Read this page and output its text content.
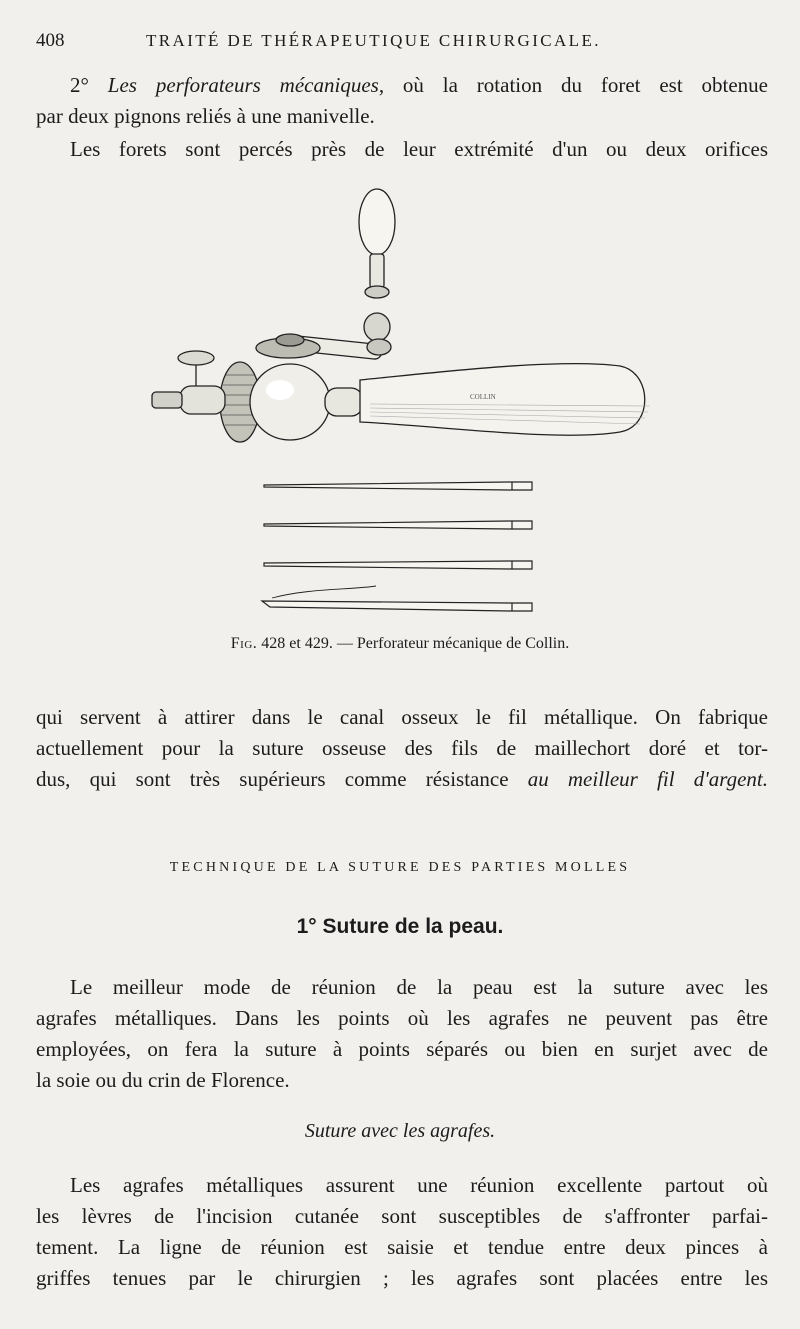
408	TRAITÉ DE THÉRAPEUTIQUE CHIRURGICALE.
2° Les perforateurs mécaniques, où la rotation du foret est obtenue
par deux pignons reliés à une manivelle.
Les forets sont percés près de leur extrémité d'un ou deux orifices
COLLIN
Fig. 428 et 429. — Perforateur mécanique de Collin.
qui servent à attirer dans le canal osseux le fil métallique. On fabrique
actuellement pour la suture osseuse des fils de maillechort doré et tor-
dus, qui sont très supérieurs comme résistance au meilleur fil d'argent.
TECHNIQUE DE LA SUTURE DES PARTIES MOLLES
1° Suture de la peau.
Le meilleur mode de réunion de la peau est la suture avec les
agrafes métalliques. Dans les points où les agrafes ne peuvent pas être
employées, on fera la suture à points séparés ou bien en surjet avec de
la soie ou du crin de Florence.
Suture avec les agrafes.
Les agrafes métalliques assurent une réunion excellente partout où
les lèvres de l'incision cutanée sont susceptibles de s'affronter parfai-
tement. La ligne de réunion est saisie et tendue entre deux pinces à
griffes tenues par le chirurgien ; les agrafes sont placées entre les
